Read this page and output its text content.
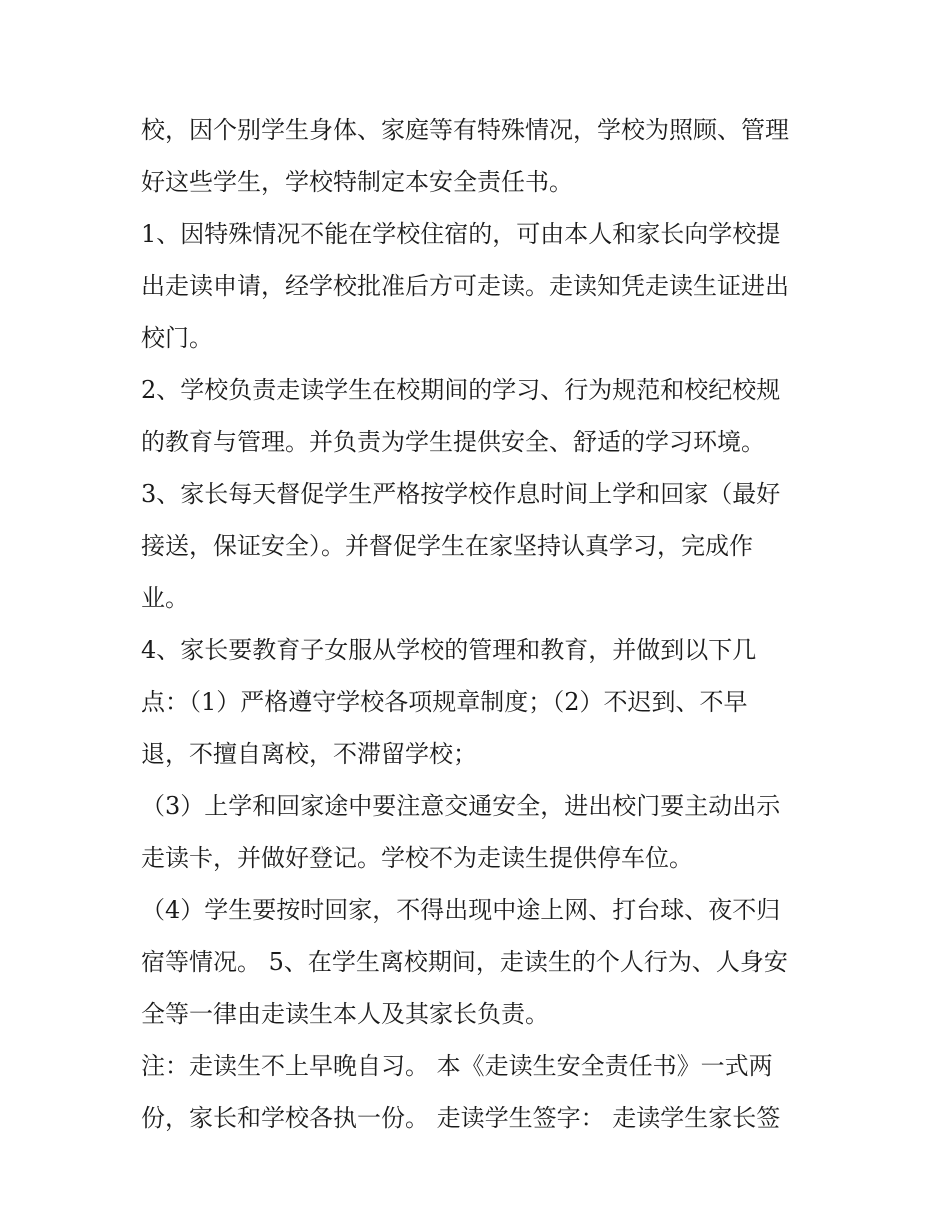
校，因个别学生身体、家庭等有特殊情况，学校为照顾、管理
好这些学生，学校特制定本安全责任书。
1、因特殊情况不能在学校住宿的，可由本人和家长向学校提
出走读申请，经学校批准后方可走读。走读知凭走读生证进出
校门。
2、学校负责走读学生在校期间的学习、行为规范和校纪校规
的教育与管理。并负责为学生提供安全、舒适的学习环境。
3、家长每天督促学生严格按学校作息时间上学和回家（最好
接送，保证安全）。并督促学生在家坚持认真学习，完成作
业。
4、家长要教育子女服从学校的管理和教育，并做到以下几
点：（1）严格遵守学校各项规章制度；（2）不迟到、不早
退，不擅自离校，不滞留学校；
（3）上学和回家途中要注意交通安全，进出校门要主动出示
走读卡，并做好登记。学校不为走读生提供停车位。
（4）学生要按时回家，不得出现中途上网、打台球、夜不归
宿等情况。 5、在学生离校期间，走读生的个人行为、人身安
全等一律由走读生本人及其家长负责。
注：走读生不上早晚自习。 本《走读生安全责任书》一式两
份，家长和学校各执一份。 走读学生签字： 走读学生家长签
